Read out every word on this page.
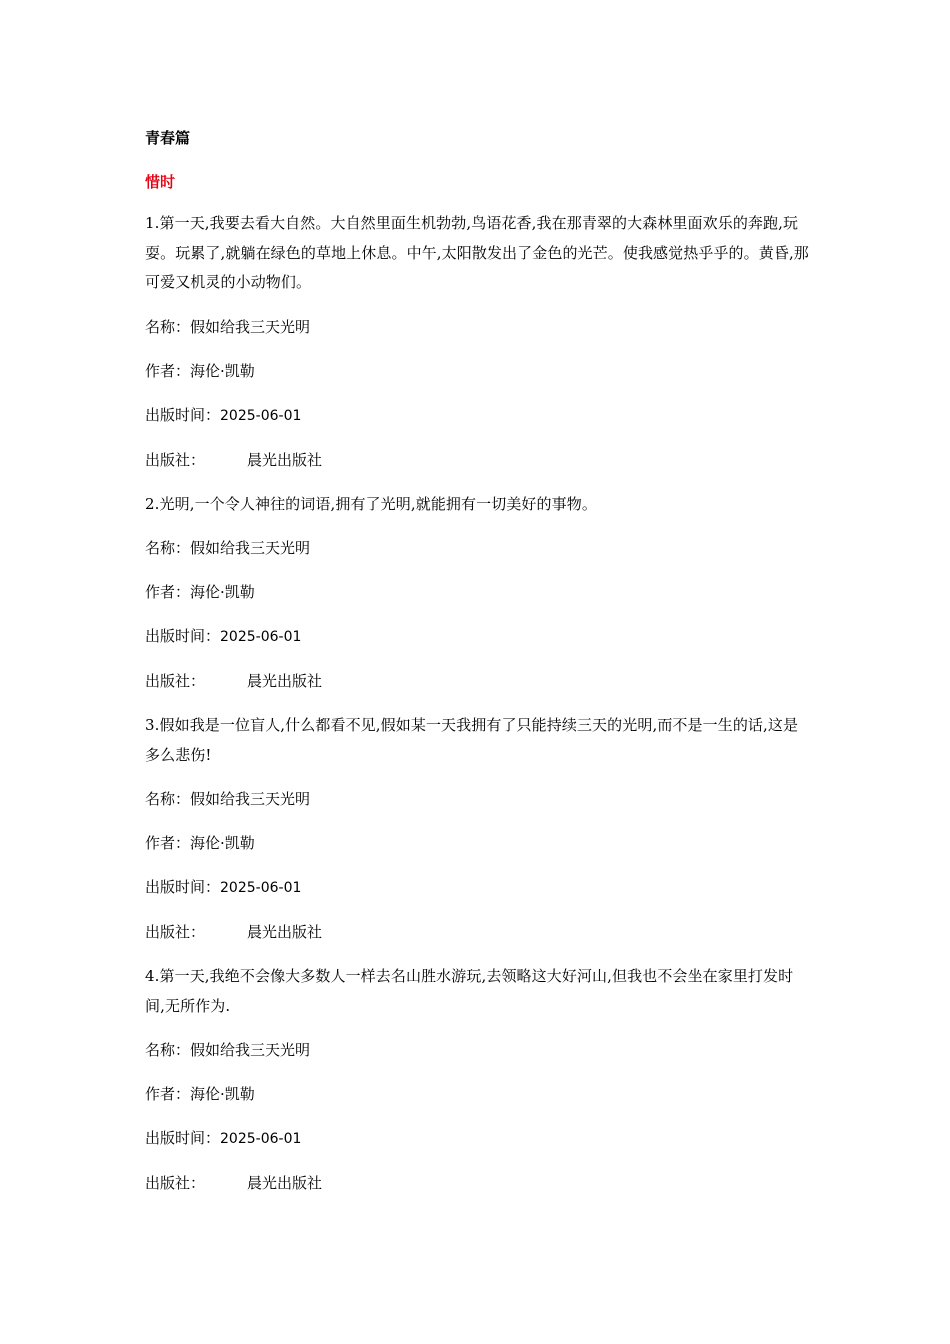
青春篇
惜时

1.第一天,我要去看大自然。大自然里面生机勃勃,鸟语花香,我在那青翠的大森林里面欢乐的奔跑,玩耍。玩累了,就躺在绿色的草地上休息。中午,太阳散发出了金色的光芒。使我感觉热乎乎的。黄昏,那可爱又机灵的小动物们。

名称：假如给我三天光明

作者：海伦·凯勒

出版时间：2025-06-01

出版社：	晨光出版社

2.光明,一个令人神往的词语,拥有了光明,就能拥有一切美好的事物。

名称：假如给我三天光明

作者：海伦·凯勒

出版时间：2025-06-01

出版社：	晨光出版社

3.假如我是一位盲人,什么都看不见,假如某一天我拥有了只能持续三天的光明,而不是一生的话,这是多么悲伤!

名称：假如给我三天光明

作者：海伦·凯勒

出版时间：2025-06-01

出版社：	晨光出版社

4.第一天,我绝不会像大多数人一样去名山胜水游玩,去领略这大好河山,但我也不会坐在家里打发时间,无所作为.

名称：假如给我三天光明

作者：海伦·凯勒

出版时间：2025-06-01

出版社：	晨光出版社
